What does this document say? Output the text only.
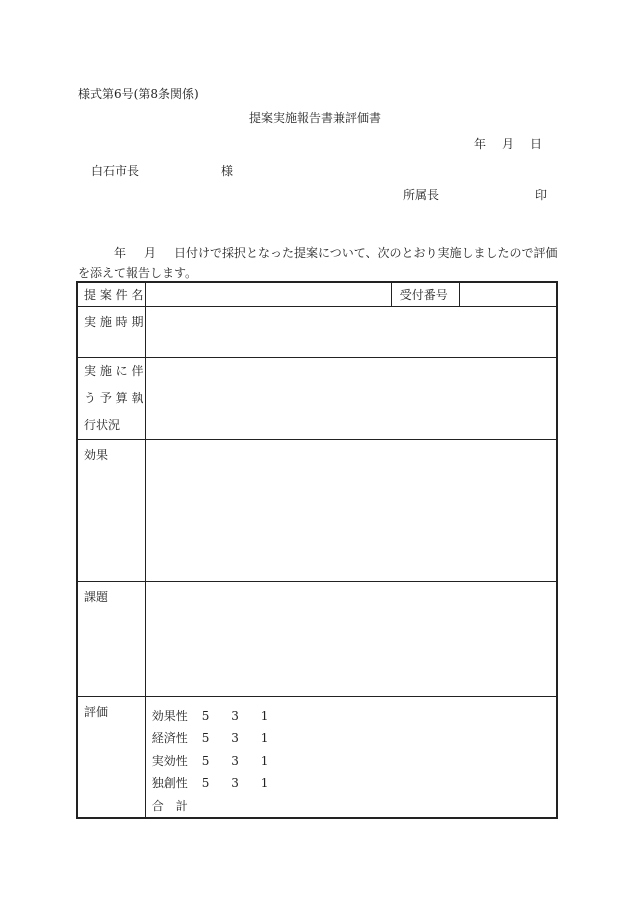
様式第6号(第8条関係)
提案実施報告書兼評価書
年 月 日
白石市長	様
所属長	印
年 月 日付けで採択となった提案について、次のとおり実施しましたので評価を添えて報告します。
提 案 件 名		受付番号	
実 施 時 期			

実 施 に 伴
う 予 算 執
行状況			

効果			
課題			
評価	効果性 5 3 1
経済性 5 3 1
実効性 5 3 1
独創性 5 3 1
合　計		
